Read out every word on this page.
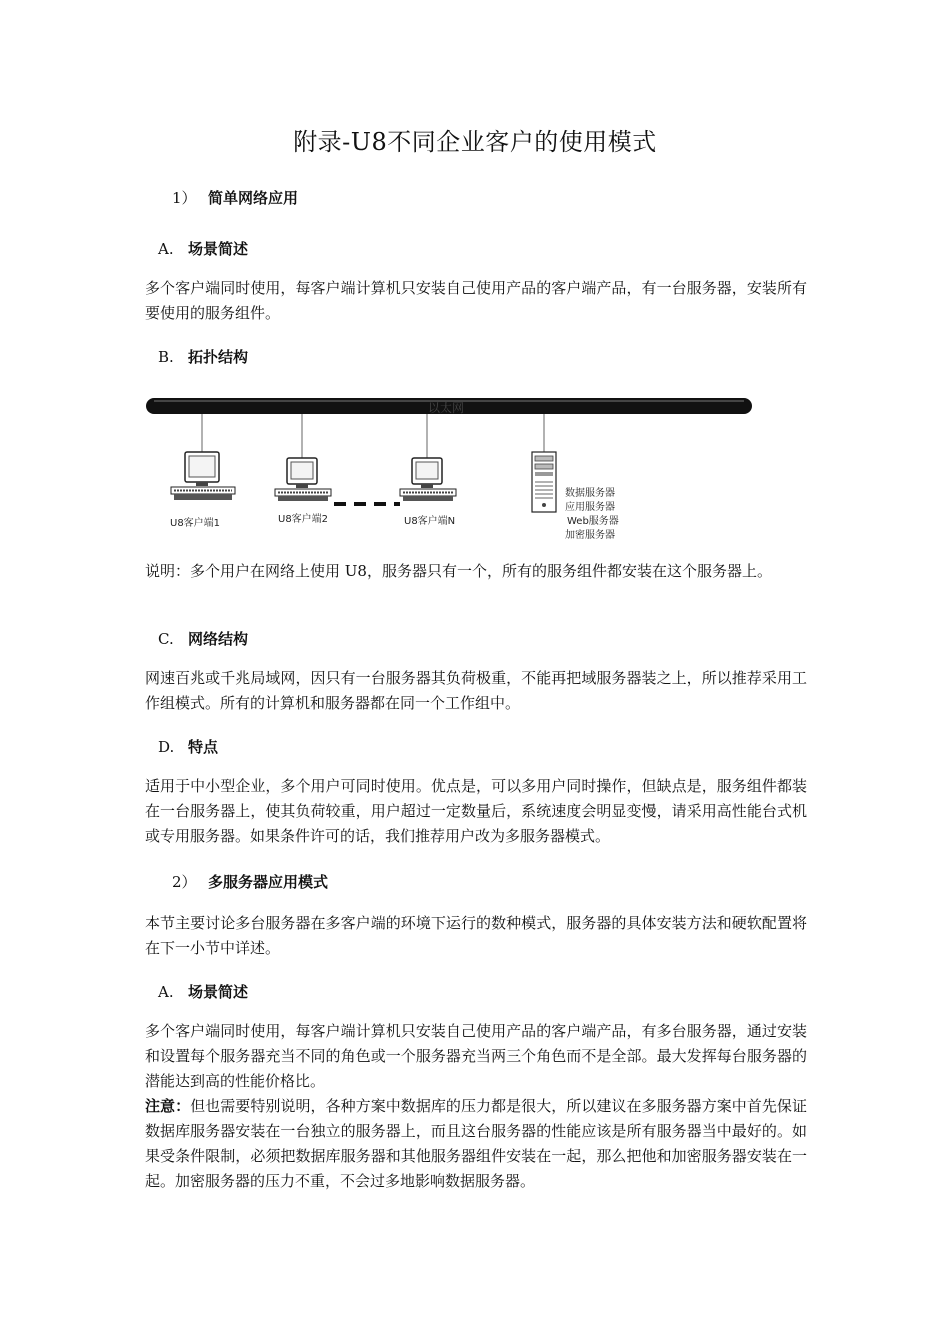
附录-U8不同企业客户的使用模式
1） 简单网络应用
A. 场景简述

多个客户端同时使用，每客户端计算机只安装自己使用产品的客户端产品，有一台服务器，安装所有要使用的服务组件。

B. 拓扑结构
以太网
U8客户端1	U8客户端2	U8客户端N
数据服务器
应用服务器
Web服务器
加密服务器

说明：多个用户在网络上使用 U8，服务器只有一个，所有的服务组件都安装在这个服务器上。

C. 网络结构

网速百兆或千兆局域网，因只有一台服务器其负荷极重，不能再把域服务器装之上，所以推荐采用工作组模式。所有的计算机和服务器都在同一个工作组中。

D. 特点

适用于中小型企业，多个用户可同时使用。优点是，可以多用户同时操作，但缺点是，服务组件都装在一台服务器上，使其负荷较重，用户超过一定数量后，系统速度会明显变慢，请采用高性能台式机或专用服务器。如果条件许可的话，我们推荐用户改为多服务器模式。

2） 多服务器应用模式

本节主要讨论多台服务器在多客户端的环境下运行的数种模式，服务器的具体安装方法和硬软配置将在下一小节中详述。

A. 场景简述

多个客户端同时使用，每客户端计算机只安装自己使用产品的客户端产品，有多台服务器，通过安装和设置每个服务器充当不同的角色或一个服务器充当两三个角色而不是全部。最大发挥每台服务器的潜能达到高的性能价格比。

注意：但也需要特别说明，各种方案中数据库的压力都是很大，所以建议在多服务器方案中首先保证数据库服务器安装在一台独立的服务器上，而且这台服务器的性能应该是所有服务器当中最好的。如果受条件限制，必须把数据库服务器和其他服务器组件安装在一起，那么把他和加密服务器安装在一起。加密服务器的压力不重，不会过多地影响数据服务器。
